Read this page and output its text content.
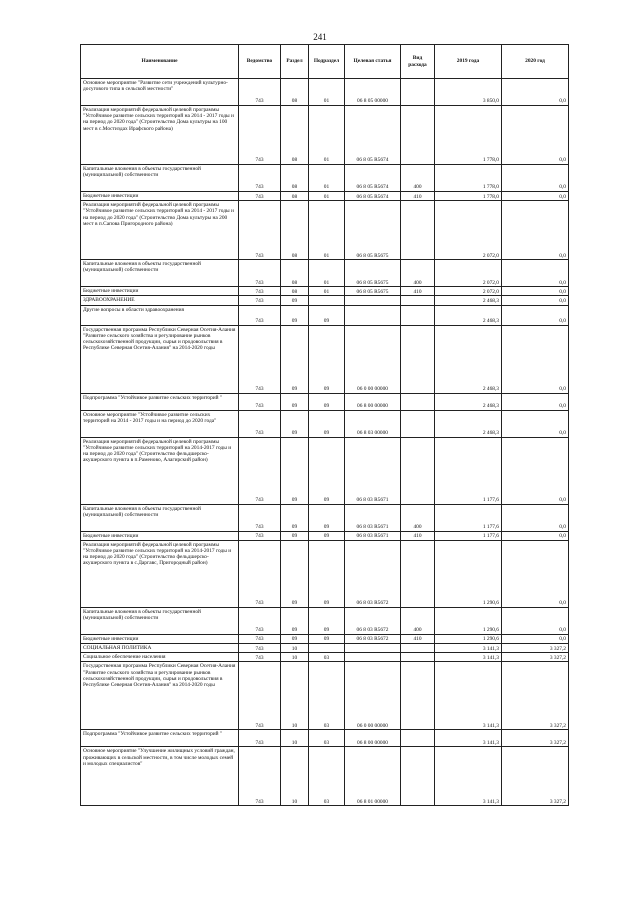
241
Наименование	Ведомство	Раздел	Подраздел	Целевая статья	Вид расхода	2019 года	2020 год
Основное мероприятие "Развитие сети учреждений культурно-досугового типа в сельской местности"	743	08	01	06 8 05 00000		3 850,0	0,0
Реализация мероприятий федеральной целевой программы "Устойчивое развитие сельских территорий на 2014 - 2017 годы и на период до 2020 года" (Строительство Дома культуры на 100 мест в с.Мостиздах Ирафского района)	743	08	01	06 8 05 R5674		1 778,0	0,0
Капитальные вложения в объекты государственной (муниципальной) собственности	743	08	01	06 8 05 R5674	400	1 778,0	0,0
Бюджетные инвестиции	743	08	01	06 8 05 R5674	410	1 778,0	0,0
Реализация мероприятий федеральной целевой программы "Устойчивое развитие сельских территорий на 2014 - 2017 годы и на период до 2020 года" (Строительство Дома культуры на 200 мест в п.Сапова Пригородного района)	743	08	01	06 8 05 R5675		2 072,0	0,0
Капитальные вложения в объекты государственной (муниципальной) собственности	743	08	01	06 8 05 R5675	400	2 072,0	0,0
Бюджетные инвестиции	743	08	01	06 8 05 R5675	410	2 072,0	0,0
ЗДРАВООХРАНЕНИЕ	743	09				2 468,3	0,0
Другие вопросы в области здравоохранения	743	09	09			2 468,3	0,0
Государственная программа Республики Северная Осетия-Алания "Развитие сельского хозяйства и регулирование рынков сельскохозяйственной продукции, сырья и продовольствия в Республике Северная Осетия-Алания" на 2014-2020 годы	743	09	09	06 0 00 00000		2 468,3	0,0
Подпрограмма "Устойчивое развитие сельских территорий "	743	09	09	06 8 00 00000		2 468,3	0,0
Основное мероприятие "Устойчивое развитие сельских территорий на 2014 - 2017 годы и на период до 2020 года"	743	09	09	06 8 03 00000		2 468,3	0,0
Реализация мероприятий федеральной целевой программы "Устойчивое развитие сельских территорий на 2014-2017 годы и на период до 2020 года" (Строительство фельдшерско-акушерского пункта в п.Раменово, Алагирский район)	743	09	09	06 8 03 R5671		1 177,6	0,0
Капитальные вложения в объекты государственной (муниципальной) собственности	743	09	09	06 8 03 R5671	400	1 177,6	0,0
Бюджетные инвестиции	743	09	09	06 8 03 R5671	410	1 177,6	0,0
Реализация мероприятий федеральной целевой программы "Устойчивое развитие сельских территорий на 2014-2017 годы и на период до 2020 года" (Строительство фельдшерско-акушерского пункта в с.Даргавс, Пригородный район)	743	09	09	06 8 03 R5672		1 290,6	0,0
Капитальные вложения в объекты государственной (муниципальной) собственности	743	09	09	06 8 03 R5672	400	1 290,6	0,0
Бюджетные инвестиции	743	09	09	06 8 03 R5672	410	1 290,6	0,0
СОЦИАЛЬНАЯ ПОЛИТИКА	743	10				3 141,3	3 327,2
Социальное обеспечение населения	743	10	03			3 141,3	3 327,2
Государственная программа Республики Северная Осетия-Алания "Развитие сельского хозяйства и регулирование рынков сельскохозяйственной продукции, сырья и продовольствия в Республике Северная Осетия-Алания" на 2014-2020 годы	743	10	03	06 0 00 00000		3 141,3	3 327,2
Подпрограмма "Устойчивое развитие сельских территорий "	743	10	03	06 8 00 00000		3 141,3	3 327,2
Основное мероприятие "Улучшение жилищных условий граждан, проживающих в сельской местности, в том числе молодых семей и молодых специалистов"	743	10	03	06 8 01 00000		3 141,3	3 327,2
